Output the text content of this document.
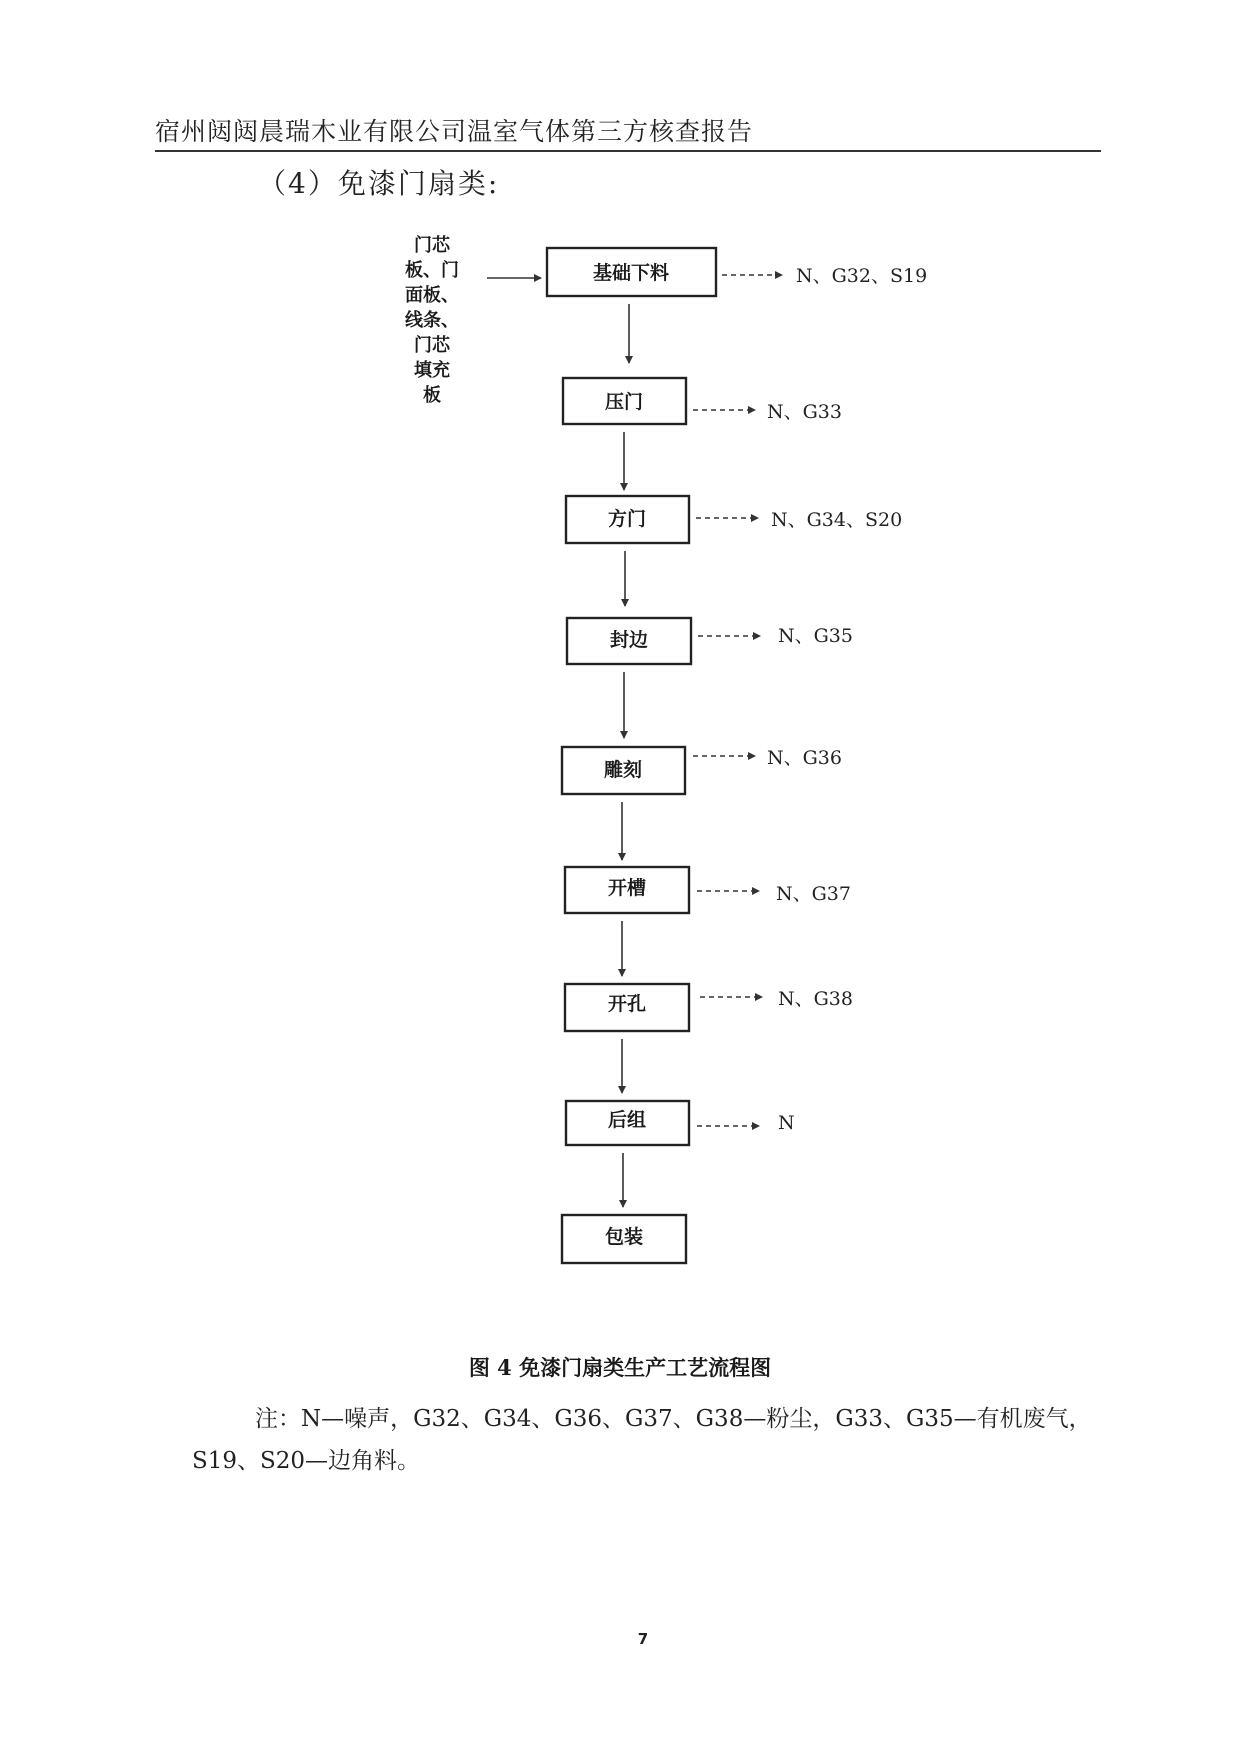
宿州闼闼晨瑞木业有限公司温室气体第三方核查报告
（4）免漆门扇类:
门芯
板、门
面板、
线条、
门芯
填充
板
基础下料	N、G32、S19
压门	N、G33
方门	N、G34、S20
封边	N、G35
雕刻
N、G36
开槽	N、G37
开孔	N、G38
后组	N
包装
图 4 免漆门扇类生产工艺流程图
注：N—噪声，G32、G34、G36、G37、G38—粉尘，G33、G35—有机废气，
S19、S20—边角料。
7
